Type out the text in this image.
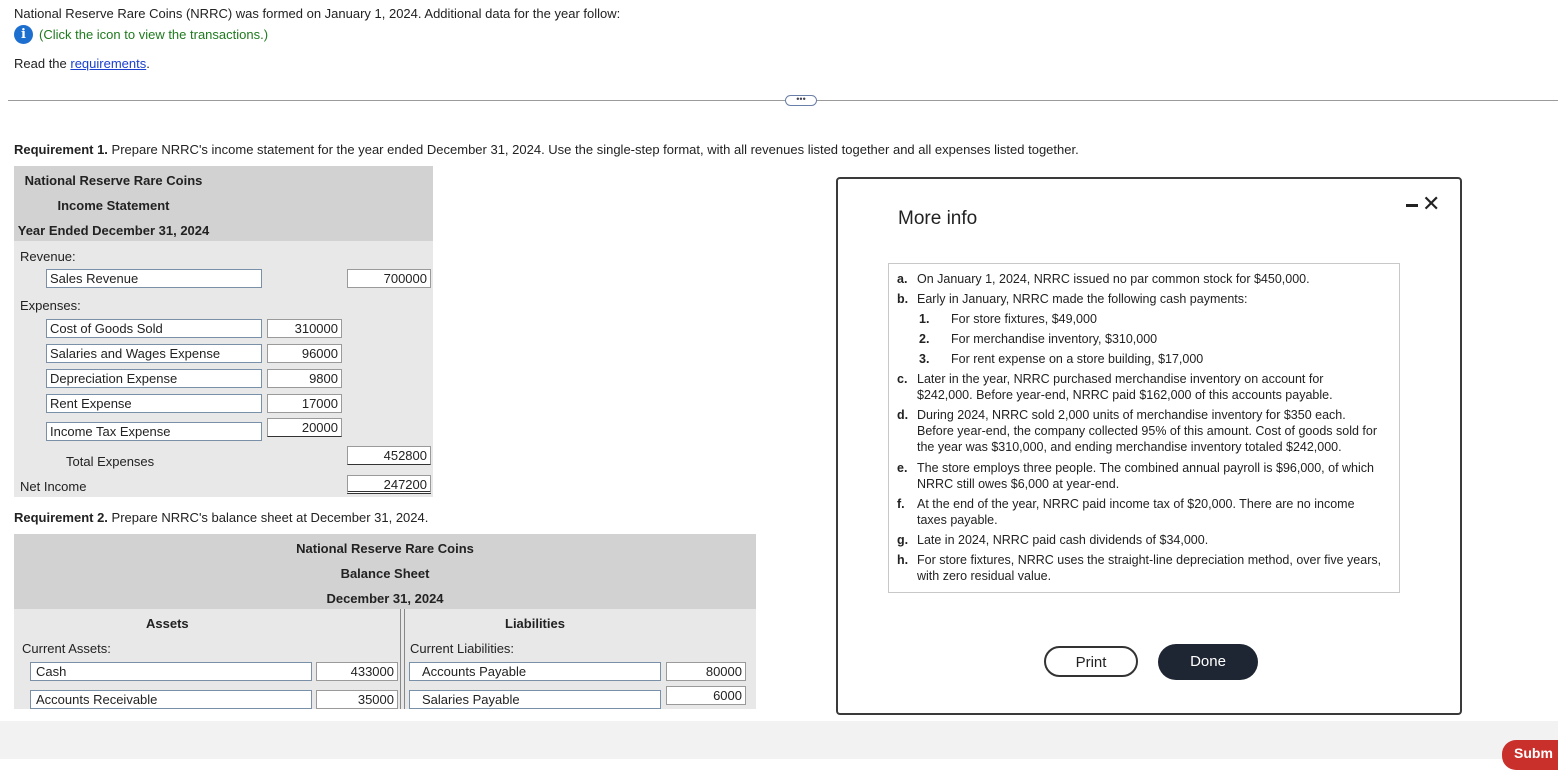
National Reserve Rare Coins (NRRC) was formed on January 1, 2024. Additional data for the year follow:
i	(Click the icon to view the transactions.)
Read the requirements.
•••
Requirement 1. Prepare NRRC's income statement for the year ended December 31, 2024. Use the single-step format, with all revenues listed together and all expenses listed together.
National Reserve Rare Coins
Income Statement
Year Ended December 31, 2024
Revenue:
Sales Revenue	700000
Expenses:
Cost of Goods Sold	310000
Salaries and Wages Expense	96000
Depreciation Expense	9800
Rent Expense	17000
Income Tax Expense	20000
Total Expenses	452800
Net Income	247200
Requirement 2. Prepare NRRC's balance sheet at December 31, 2024.
National Reserve Rare Coins
Balance Sheet
December 31, 2024
Assets	Liabilities
Current Assets:	Current Liabilities:
Cash	433000	Accounts Payable	80000
Accounts Receivable	35000	Salaries Payable	6000
Subm
More info
✕
a. On January 1, 2024, NRRC issued no par common stock for $450,000.
b. Early in January, NRRC made the following cash payments:
1. For store fixtures, $49,000
2. For merchandise inventory, $310,000
3. For rent expense on a store building, $17,000
c. Later in the year, NRRC purchased merchandise inventory on account for
$242,000. Before year-end, NRRC paid $162,000 of this accounts payable.
d. During 2024, NRRC sold 2,000 units of merchandise inventory for $350 each.
Before year-end, the company collected 95% of this amount. Cost of goods sold for
the year was $310,000, and ending merchandise inventory totaled $242,000.
e. The store employs three people. The combined annual payroll is $96,000, of which
NRRC still owes $6,000 at year-end.
f. At the end of the year, NRRC paid income tax of $20,000. There are no income
taxes payable.
g. Late in 2024, NRRC paid cash dividends of $34,000.
h. For store fixtures, NRRC uses the straight-line depreciation method, over five years,
with zero residual value.
Print	Done
